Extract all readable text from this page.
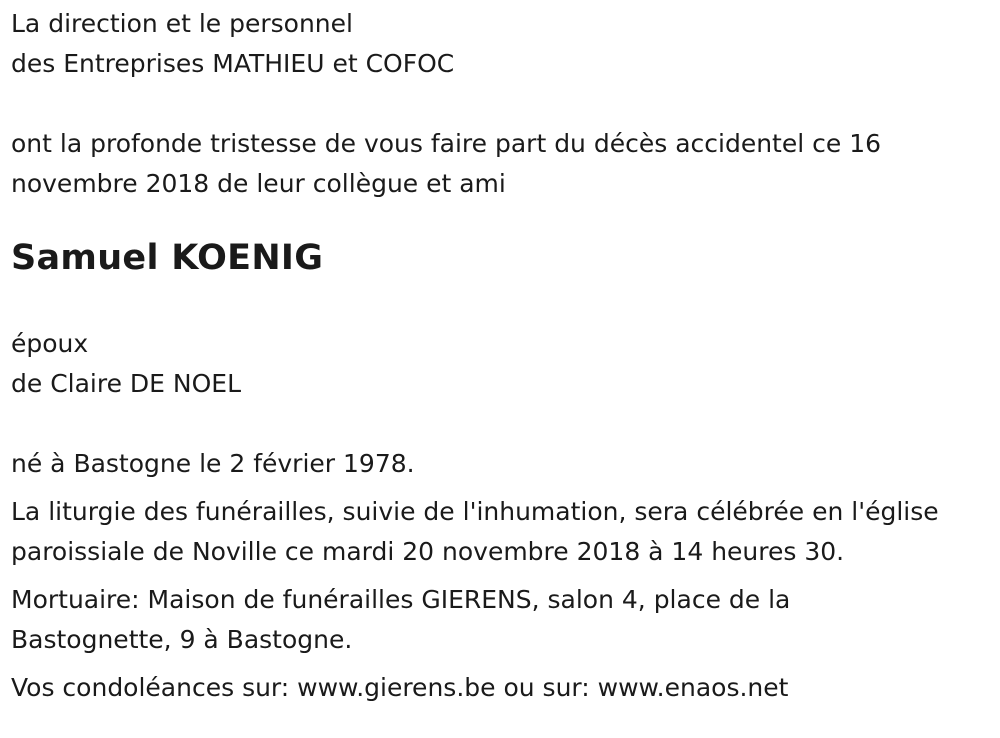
La direction et le personnel
des Entreprises MATHIEU et COFOC
ont la profonde tristesse de vous faire part du décès accidentel ce 16
novembre 2018 de leur collègue et ami
Samuel KOENIG
époux
de Claire DE NOEL
né à Bastogne le 2 février 1978.
La liturgie des funérailles, suivie de l'inhumation, sera célébrée en l'église
paroissiale de Noville ce mardi 20 novembre 2018 à 14 heures 30.
Mortuaire: Maison de funérailles GIERENS, salon 4, place de la
Bastognette, 9 à Bastogne.
Vos condoléances sur: www.gierens.be ou sur: www.enaos.net
